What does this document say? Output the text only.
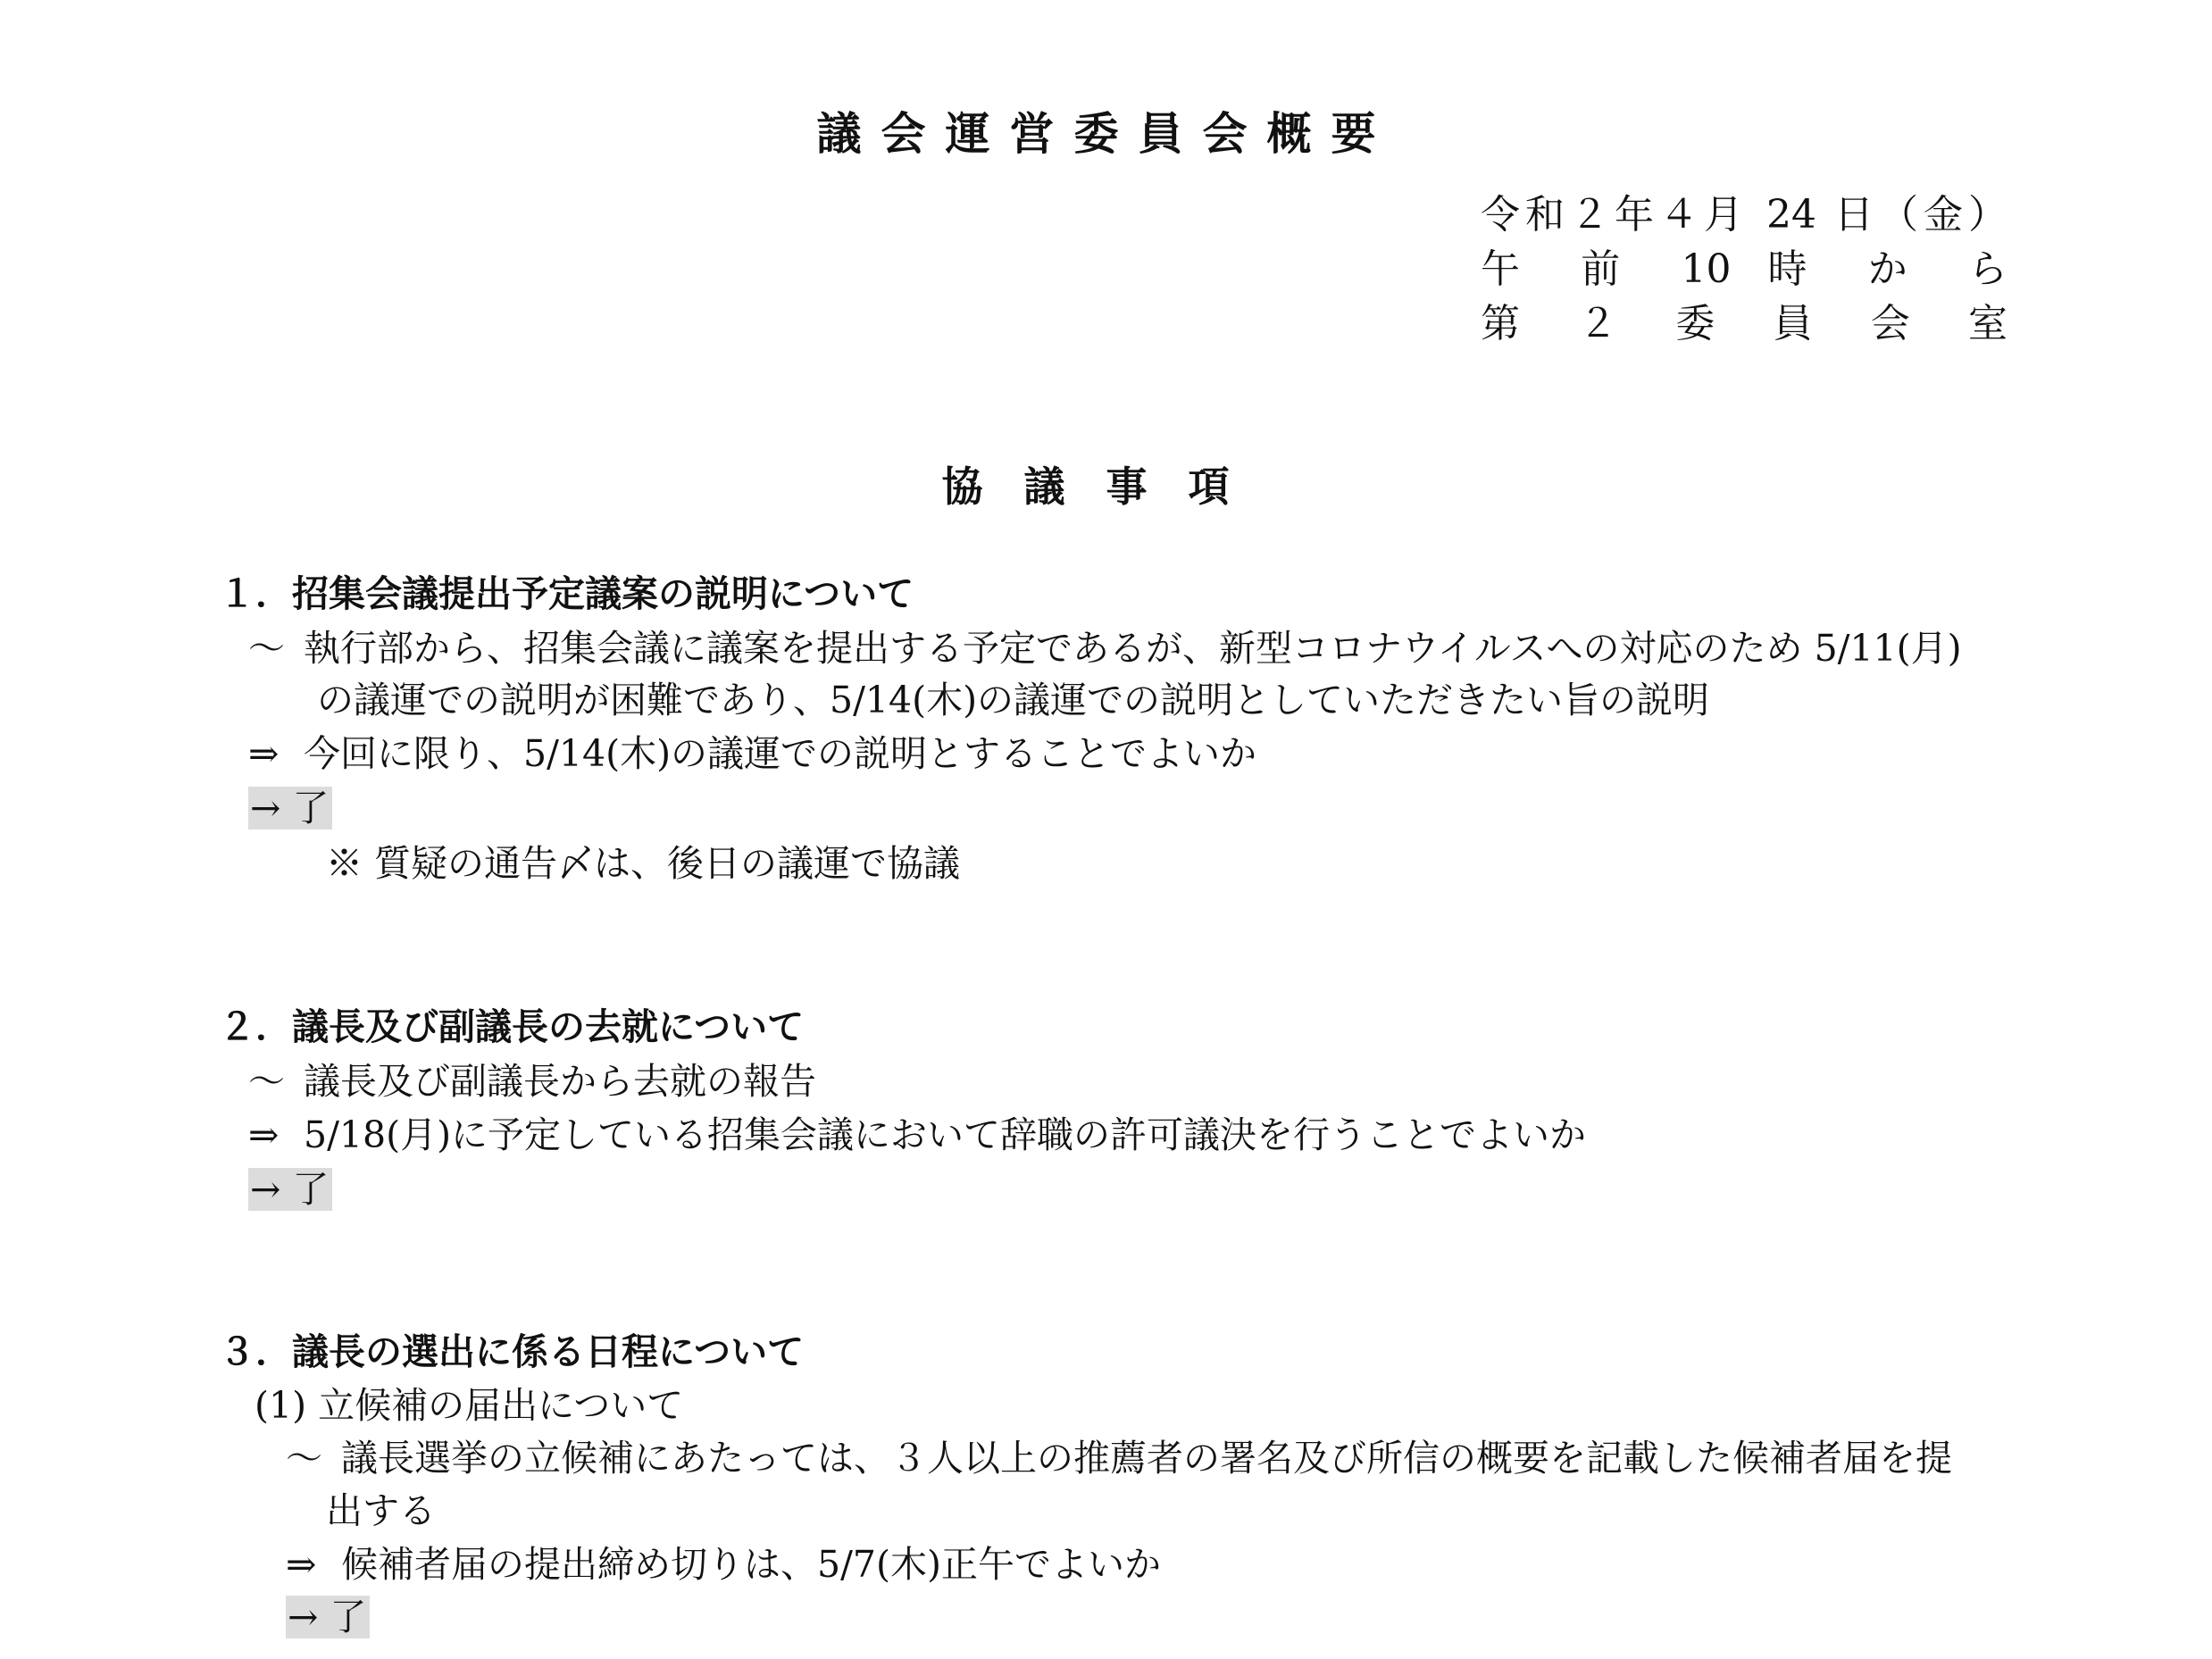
議会運営委員会概要
令和２年４月 24 日（金）
午 前 10 時 か ら
第 ２ 委 員 会 室
協議事項
１．招集会議提出予定議案の説明について
～ 執行部から、招集会議に議案を提出する予定であるが、新型コロナウイルスへの対応のため 5/11(月)
の議運での説明が困難であり、5/14(木)の議運での説明としていただきたい旨の説明
⇒ 今回に限り、5/14(木)の議運での説明とすることでよいか
→ 了
※ 質疑の通告〆は、後日の議運で協議
２．議長及び副議長の去就について
～ 議長及び副議長から去就の報告
⇒ 5/18(月)に予定している招集会議において辞職の許可議決を行うことでよいか
→ 了
３．議長の選出に係る日程について
(1) 立候補の届出について
～ 議長選挙の立候補にあたっては、３人以上の推薦者の署名及び所信の概要を記載した候補者届を提
出する
⇒ 候補者届の提出締め切りは、5/7(木)正午でよいか
→ 了
